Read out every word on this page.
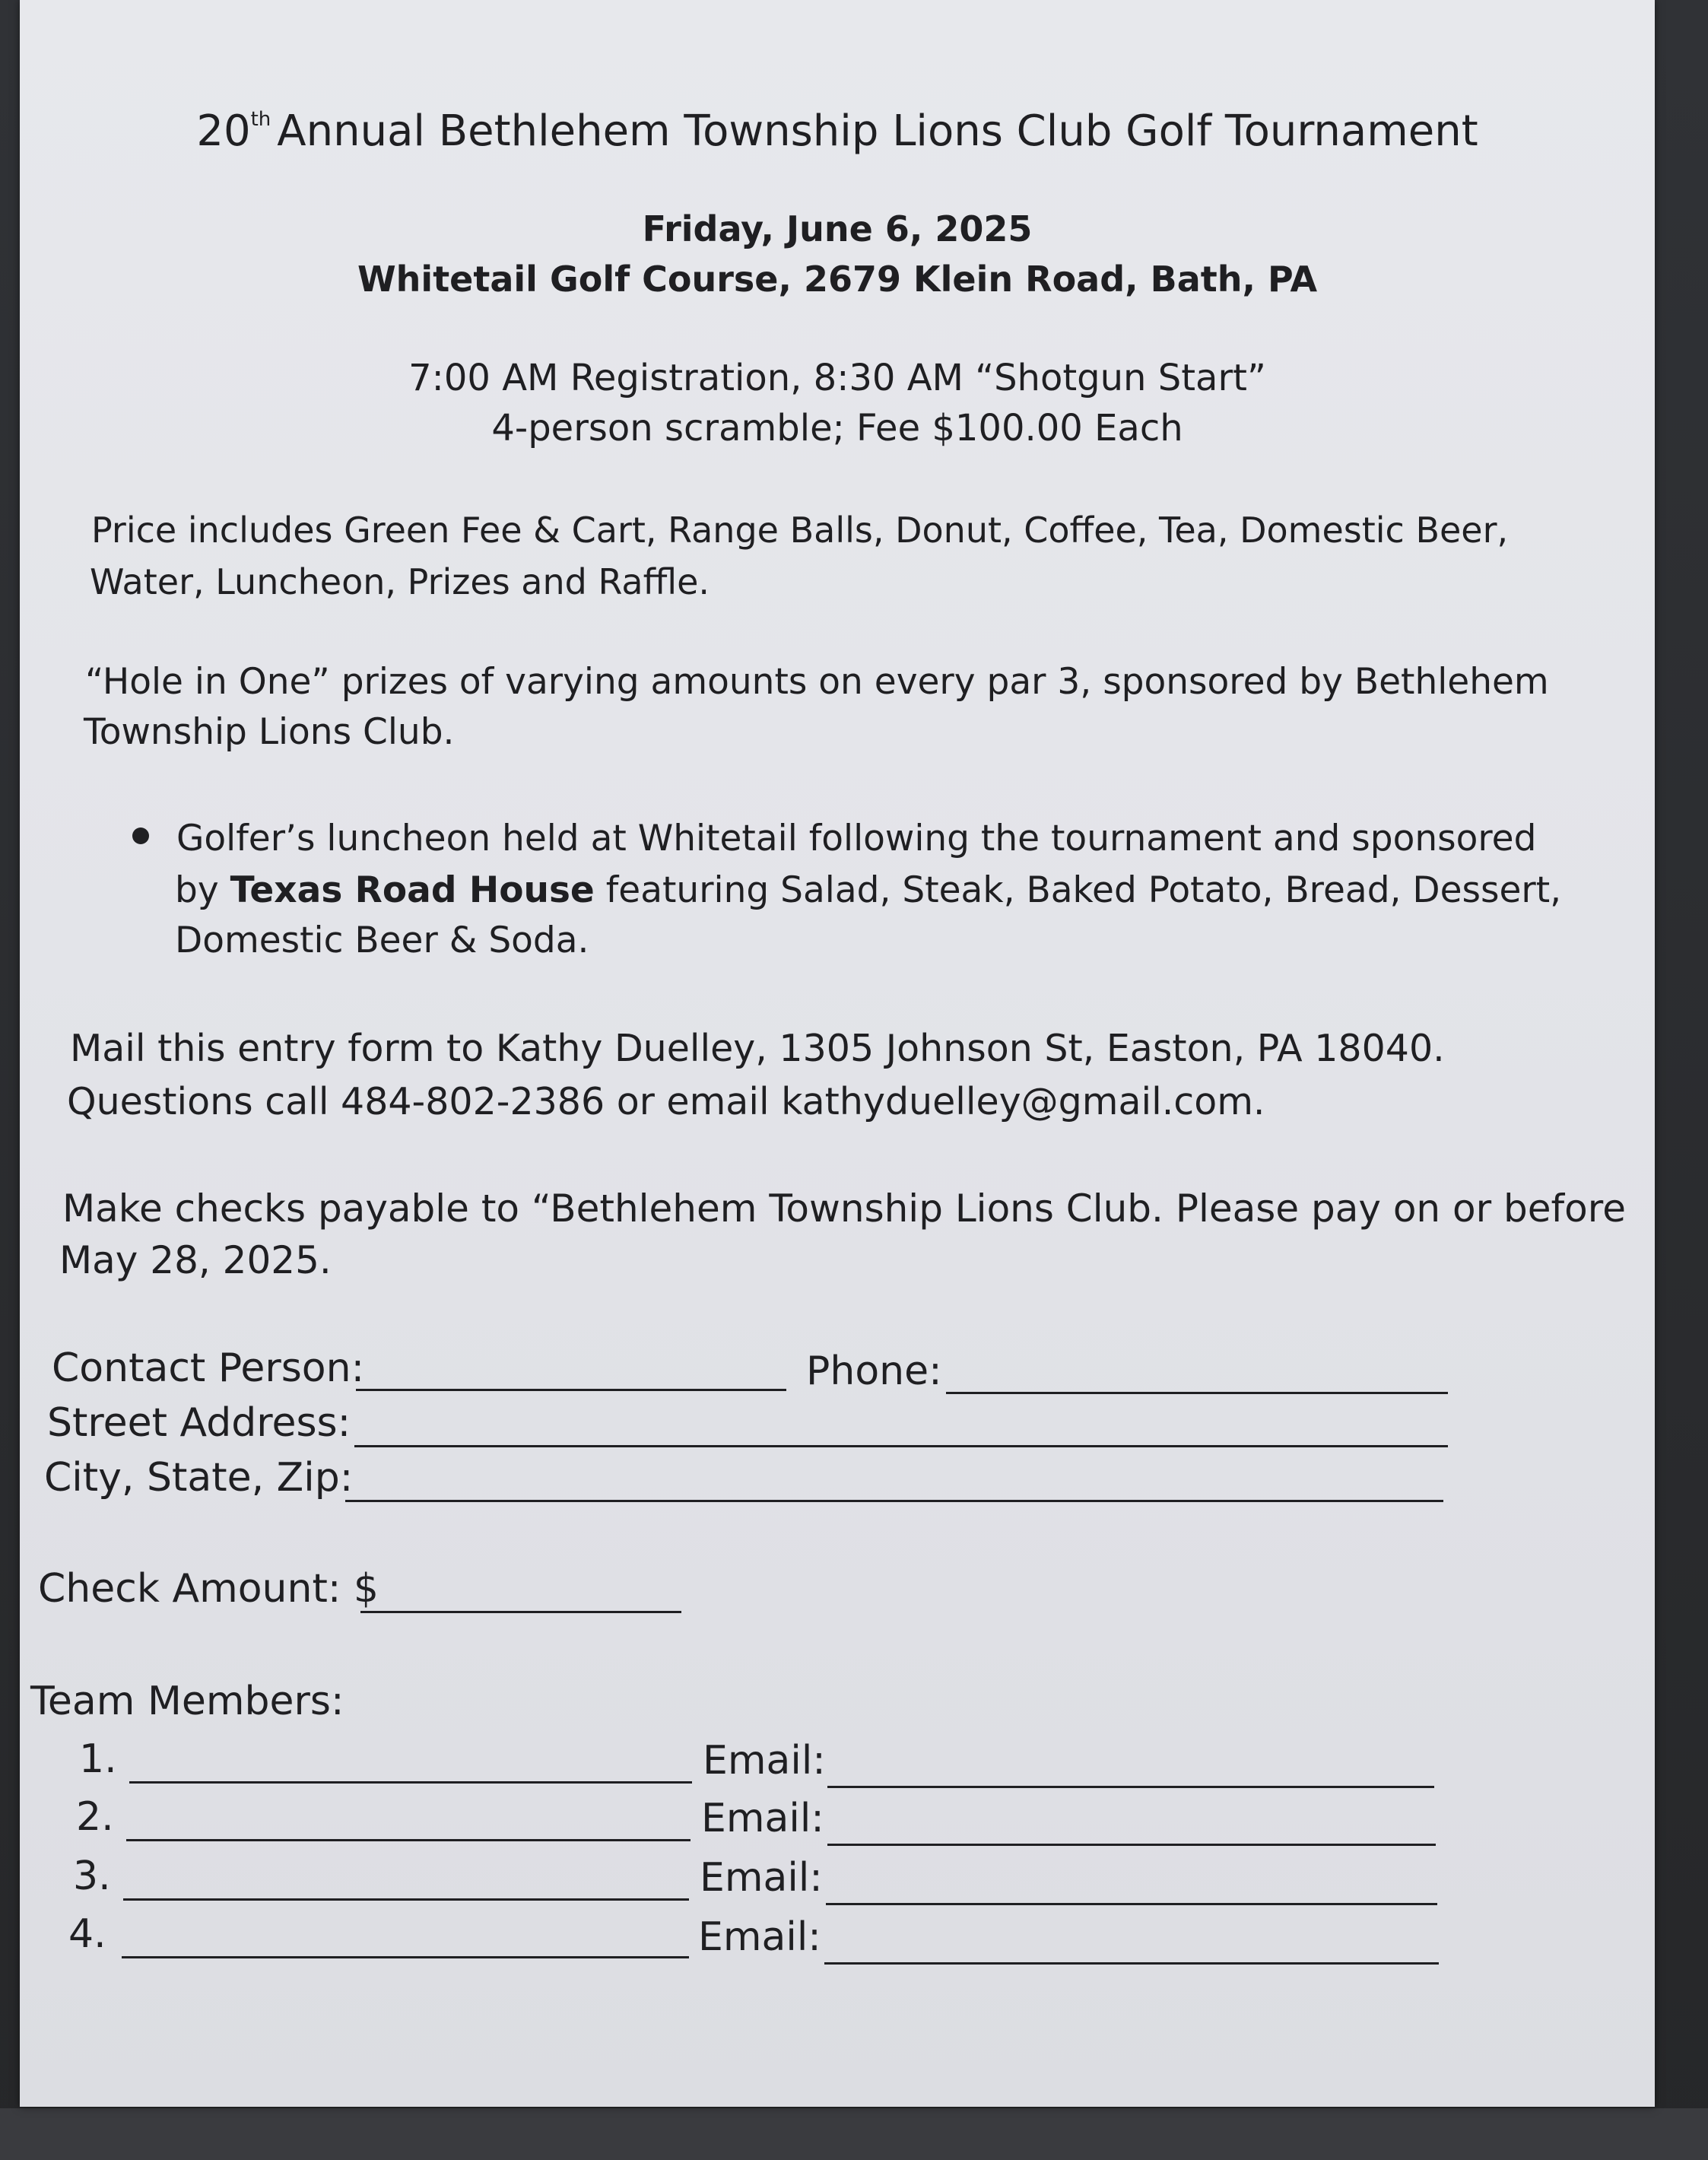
20th Annual Bethlehem Township Lions Club Golf Tournament
Friday, June 6, 2025
Whitetail Golf Course, 2679 Klein Road, Bath, PA
7:00 AM Registration, 8:30 AM “Shotgun Start”
4-person scramble; Fee $100.00 Each
Price includes Green Fee & Cart, Range Balls, Donut, Coffee, Tea, Domestic Beer,
Water, Luncheon, Prizes and Raffle.
“Hole in One” prizes of varying amounts on every par 3, sponsored by Bethlehem
Township Lions Club.
Golfer’s luncheon held at Whitetail following the tournament and sponsored
by Texas Road House featuring Salad, Steak, Baked Potato, Bread, Dessert,
Domestic Beer & Soda.
Mail this entry form to Kathy Duelley, 1305 Johnson St, Easton, PA 18040.
Questions call 484-802-2386 or email kathyduelley@gmail.com.
Make checks payable to “Bethlehem Township Lions Club. Please pay on or before
May 28, 2025.
Contact Person:	Phone:
Street Address:
City, State, Zip:
Check Amount: $
Team Members:
1.	Email:
2.	Email:
3.	Email:
4.	Email:
